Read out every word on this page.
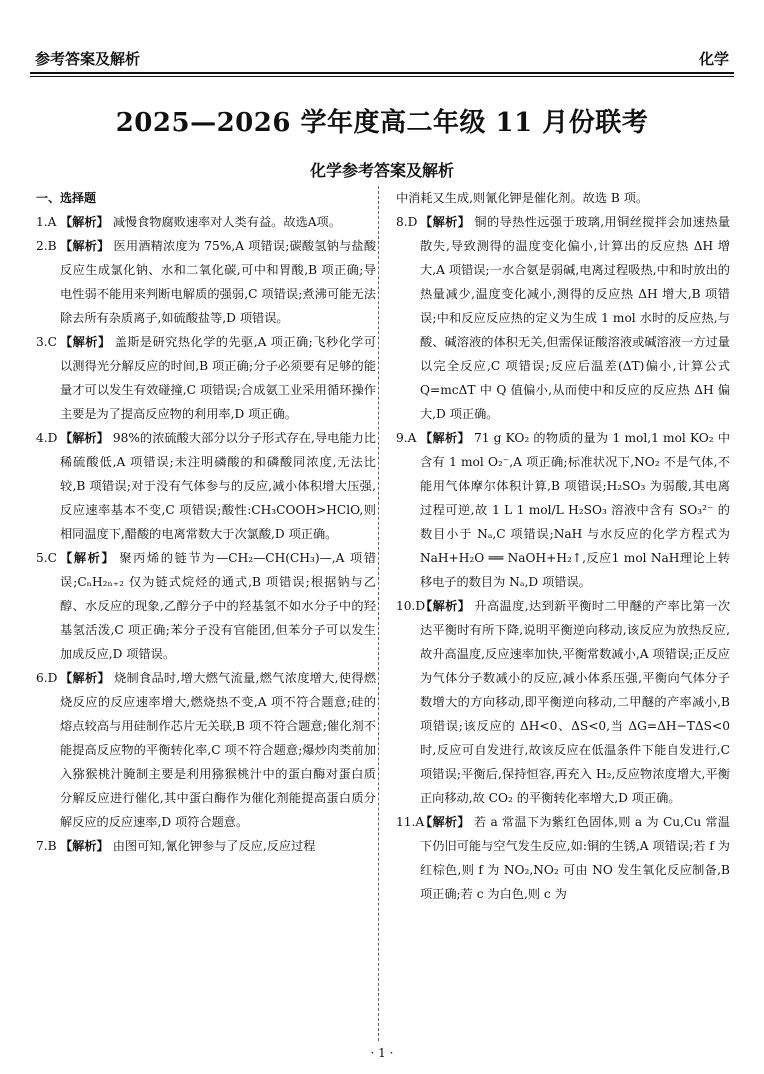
参考答案及解析	化学
2025—2026 学年度高二年级 11 月份联考
化学参考答案及解析
一、选择题

1.A 【解析】 减慢食物腐败速率对人类有益。故选A项。

2.B 【解析】 医用酒精浓度为 75%,A 项错误;碳酸氢钠与盐酸反应生成氯化钠、水和二氧化碳,可中和胃酸,B 项正确;导电性弱不能用来判断电解质的强弱,C 项错误;煮沸可能无法除去所有杂质离子,如硫酸盐等,D 项错误。

3.C 【解析】 盖斯是研究热化学的先驱,A 项正确;飞秒化学可以测得光分解反应的时间,B 项正确;分子必须要有足够的能量才可以发生有效碰撞,C 项错误;合成氨工业采用循环操作主要是为了提高反应物的利用率,D 项正确。

4.D 【解析】 98%的浓硫酸大部分以分子形式存在,导电能力比稀硫酸低,A 项错误;未注明磷酸的和磷酸同浓度,无法比较,B 项错误;对于没有气体参与的反应,减小体积增大压强,反应速率基本不变,C 项错误;酸性:CH₃COOH>HClO,则相同温度下,醋酸的电离常数大于次氯酸,D 项正确。

5.C 【解析】 聚丙烯的链节为—CH₂—CH(CH₃)—,A 项错误;CₙH₂ₙ₊₂ 仅为链式烷烃的通式,B 项错误;根据钠与乙醇、水反应的现象,乙醇分子中的羟基氢不如水分子中的羟基氢活泼,C 项正确;苯分子没有官能团,但苯分子可以发生加成反应,D 项错误。

6.D 【解析】 烧制食品时,增大燃气流量,燃气浓度增大,使得燃烧反应的反应速率增大,燃烧热不变,A 项不符合题意;硅的熔点较高与用硅制作芯片无关联,B 项不符合题意;催化剂不能提高反应物的平衡转化率,C 项不符合题意;爆炒肉类前加入猕猴桃汁腌制主要是利用猕猴桃汁中的蛋白酶对蛋白质分解反应进行催化,其中蛋白酶作为催化剂能提高蛋白质分解反应的反应速率,D 项符合题意。

7.B 【解析】 由图可知,氰化钾参与了反应,反应过程

中消耗又生成,则氰化钾是催化剂。故选 B 项。

8.D 【解析】 铜的导热性远强于玻璃,用铜丝搅拌会加速热量散失,导致测得的温度变化偏小,计算出的反应热 ΔH 增大,A 项错误;一水合氨是弱碱,电离过程吸热,中和时放出的热量减少,温度变化减小,测得的反应热 ΔH 增大,B 项错误;中和反应反应热的定义为生成 1 mol 水时的反应热,与酸、碱溶液的体积无关,但需保证酸溶液或碱溶液一方过量以完全反应,C 项错误;反应后温差(ΔT)偏小,计算公式 Q=mcΔT 中 Q 值偏小,从而使中和反应的反应热 ΔH 偏大,D 项正确。

9.A 【解析】 71 g KO₂ 的物质的量为 1 mol,1 mol KO₂ 中含有 1 mol O₂⁻,A 项正确;标准状况下,NO₂ 不是气体,不能用气体摩尔体积计算,B 项错误;H₂SO₃ 为弱酸,其电离过程可逆,故 1 L 1 mol/L H₂SO₃ 溶液中含有 SO₃²⁻ 的数目小于 Nₐ,C 项错误;NaH 与水反应的化学方程式为 NaH+H₂O ══ NaOH+H₂↑,反应1 mol NaH理论上转移电子的数目为 Nₐ,D 项错误。

10.D
【解析】 升高温度,达到新平衡时二甲醚的产率比第一次达平衡时有所下降,说明平衡逆向移动,该反应为放热反应,故升高温度,反应速率加快,平衡常数减小,A 项错误;正反应为气体分子数减小的反应,减小体系压强,平衡向气体分子数增大的方向移动,即平衡逆向移动,二甲醚的产率减小,B 项错误;该反应的 ΔH<0、ΔS<0,当 ΔG=ΔH−TΔS<0 时,反应可自发进行,故该反应在低温条件下能自发进行,C 项错误;平衡后,保持恒容,再充入 H₂,反应物浓度增大,平衡正向移动,故 CO₂ 的平衡转化率增大,D 项正确。

11.A
【解析】 若 a 常温下为紫红色固体,则 a 为 Cu,Cu 常温下仍旧可能与空气发生反应,如:铜的生锈,A 项错误;若 f 为红棕色,则 f 为 NO₂,NO₂ 可由 NO 发生氧化反应制备,B 项正确;若 c 为白色,则 c 为

· 1 ·
